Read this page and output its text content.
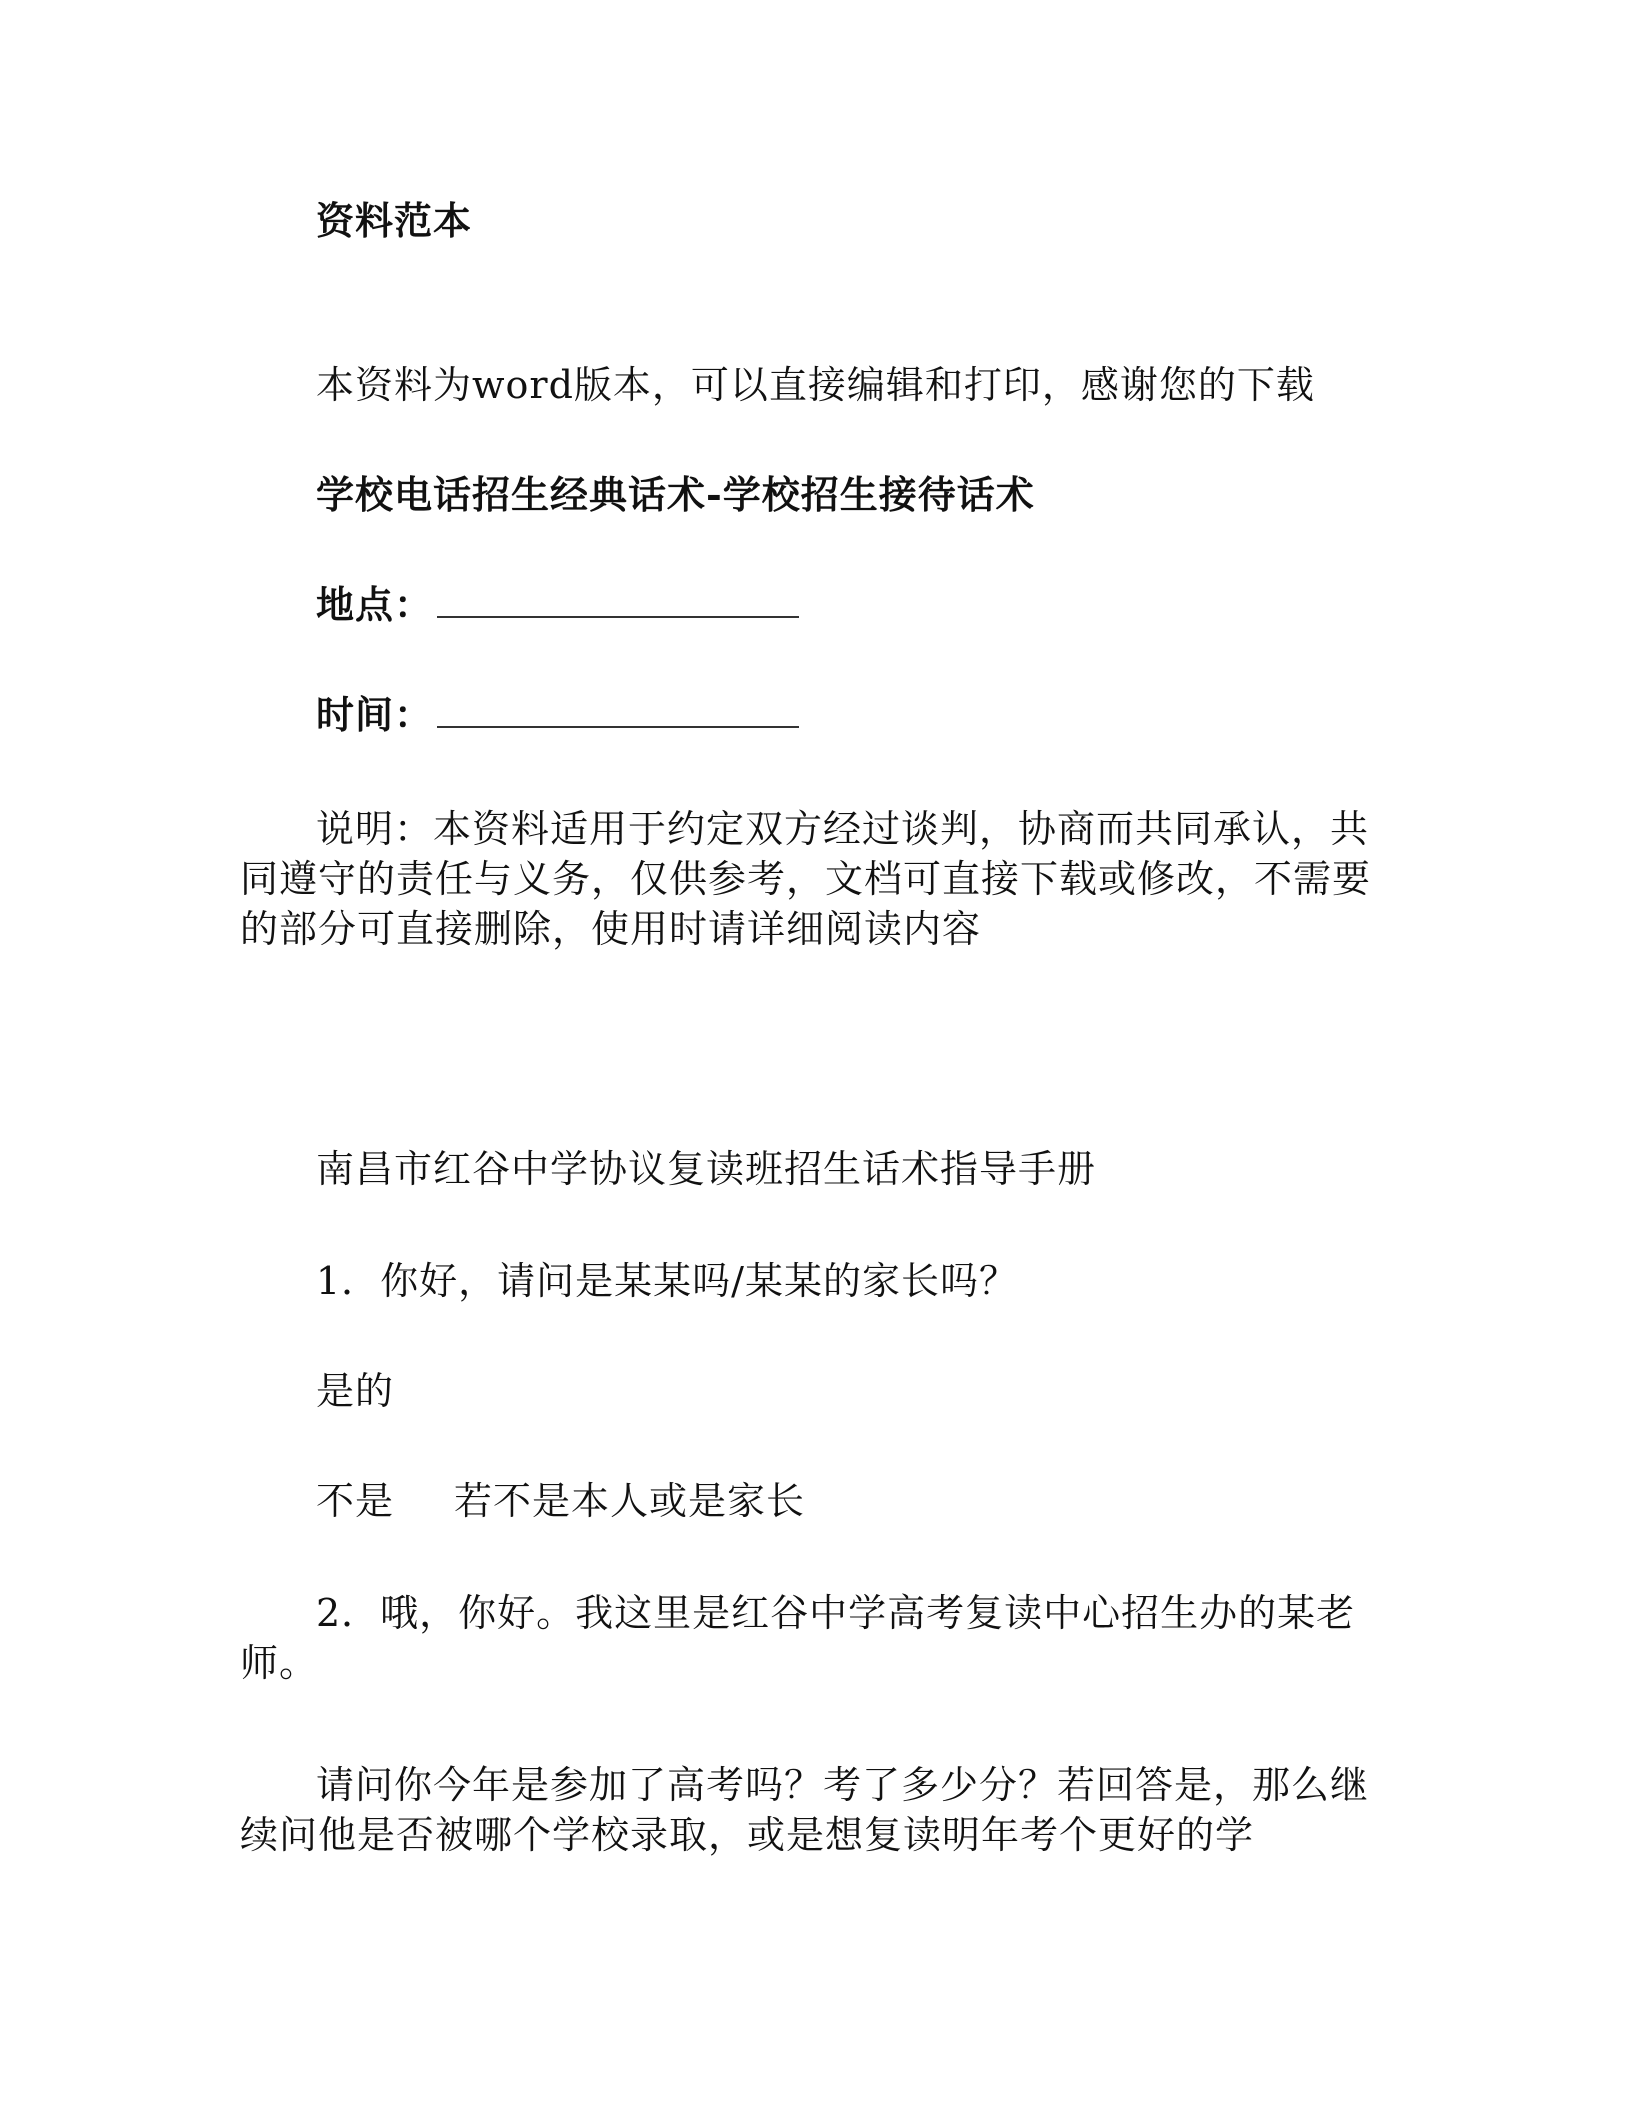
资料范本
本资料为word版本，可以直接编辑和打印，感谢您的下载
学校电话招生经典话术-学校招生接待话术
地点：
时间：
说明：本资料适用于约定双方经过谈判，协商而共同承认，共同遵守的责任与义务，仅供参考，文档可直接下载或修改，不需要的部分可直接删除，使用时请详细阅读内容
南昌市红谷中学协议复读班招生话术指导手册
1．你好，请问是某某吗/某某的家长吗？
是的
不是 若不是本人或是家长
2．哦，你好。我这里是红谷中学高考复读中心招生办的某老师。
请问你今年是参加了高考吗？考了多少分？若回答是，那么继续问他是否被哪个学校录取，或是想复读明年考个更好的学
